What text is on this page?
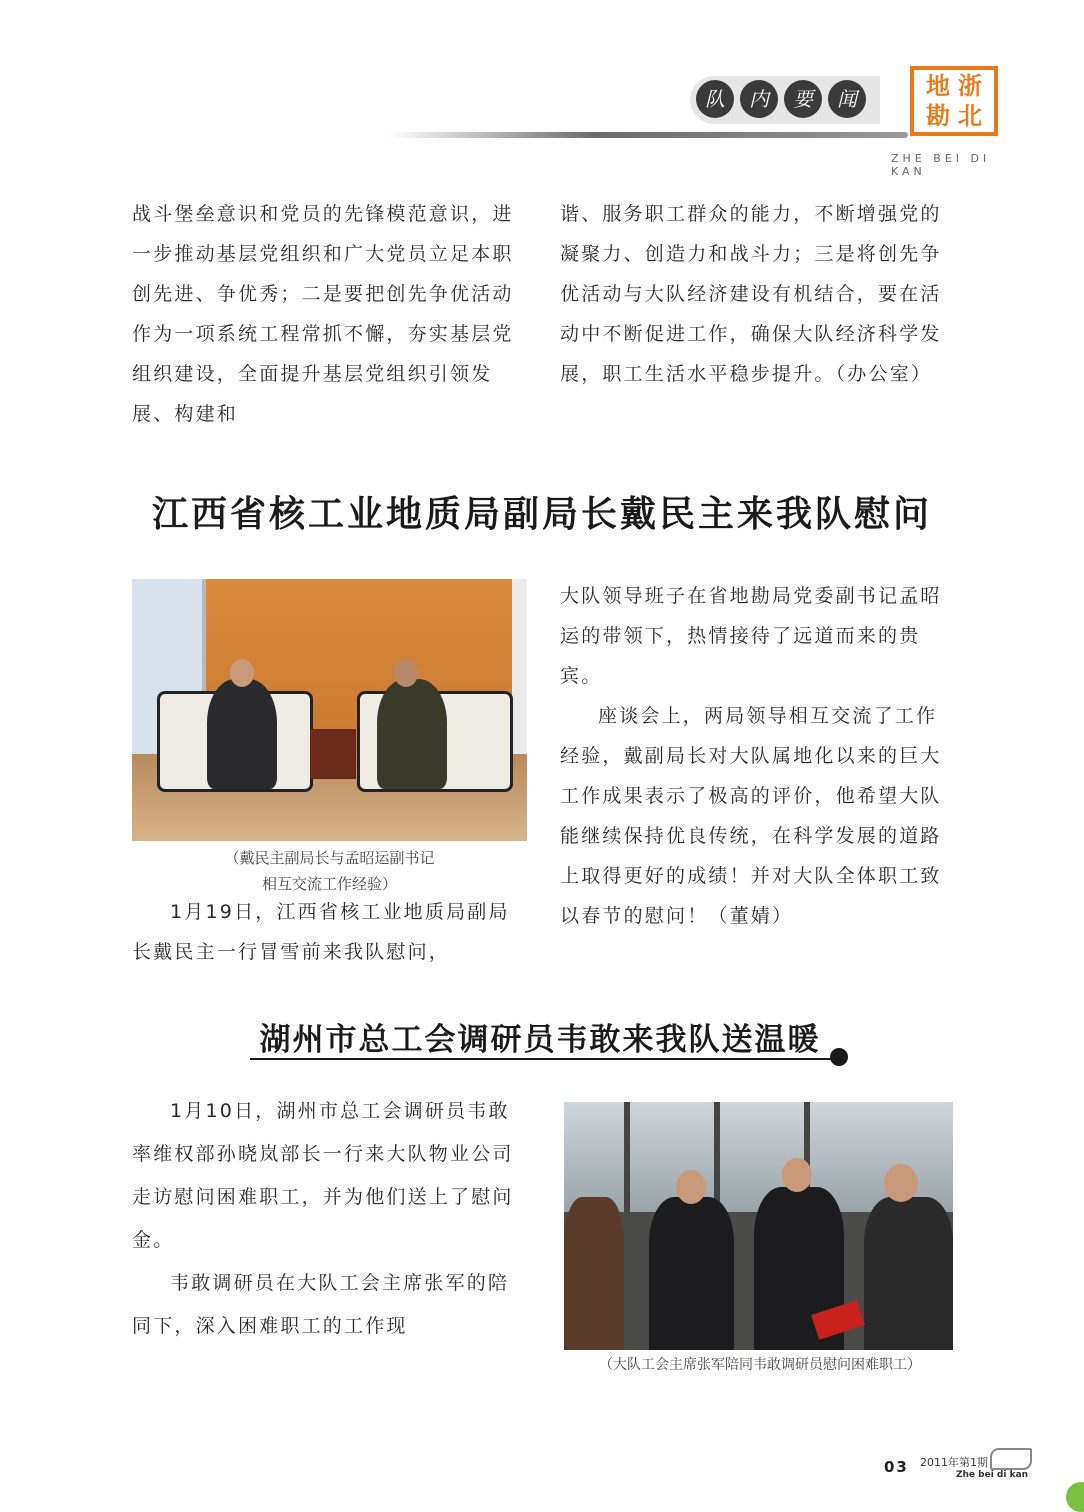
队	内	要	闻	地 浙
勘 北
ZHE BEI DI KAN

战斗堡垒意识和党员的先锋模范意识，进一步推动基层党组织和广大党员立足本职创先进、争优秀；二是要把创先争优活动作为一项系统工程常抓不懈，夯实基层党组织建设，全面提升基层党组织引领发展、构建和

谐、服务职工群众的能力，不断增强党的凝聚力、创造力和战斗力；三是将创先争优活动与大队经济建设有机结合，要在活动中不断促进工作，确保大队经济科学发展，职工生活水平稳步提升。（办公室）

江西省核工业地质局副局长戴民主来我队慰问
（戴民主副局长与孟昭运副书记
相互交流工作经验）

1月19日，江西省核工业地质局副局长戴民主一行冒雪前来我队慰问，

大队领导班子在省地勘局党委副书记孟昭运的带领下，热情接待了远道而来的贵宾。

座谈会上，两局领导相互交流了工作经验，戴副局长对大队属地化以来的巨大工作成果表示了极高的评价，他希望大队能继续保持优良传统，在科学发展的道路上取得更好的成绩！并对大队全体职工致以春节的慰问！（董婧）

湖州市总工会调研员韦敢来我队送温暖

1月10日，湖州市总工会调研员韦敢率维权部孙晓岚部长一行来大队物业公司走访慰问困难职工，并为他们送上了慰问金。

韦敢调研员在大队工会主席张军的陪同下，深入困难职工的工作现

（大队工会主席张军陪同韦敢调研员慰问困难职工）
03 2011年第1期
Zhe bei di kan
